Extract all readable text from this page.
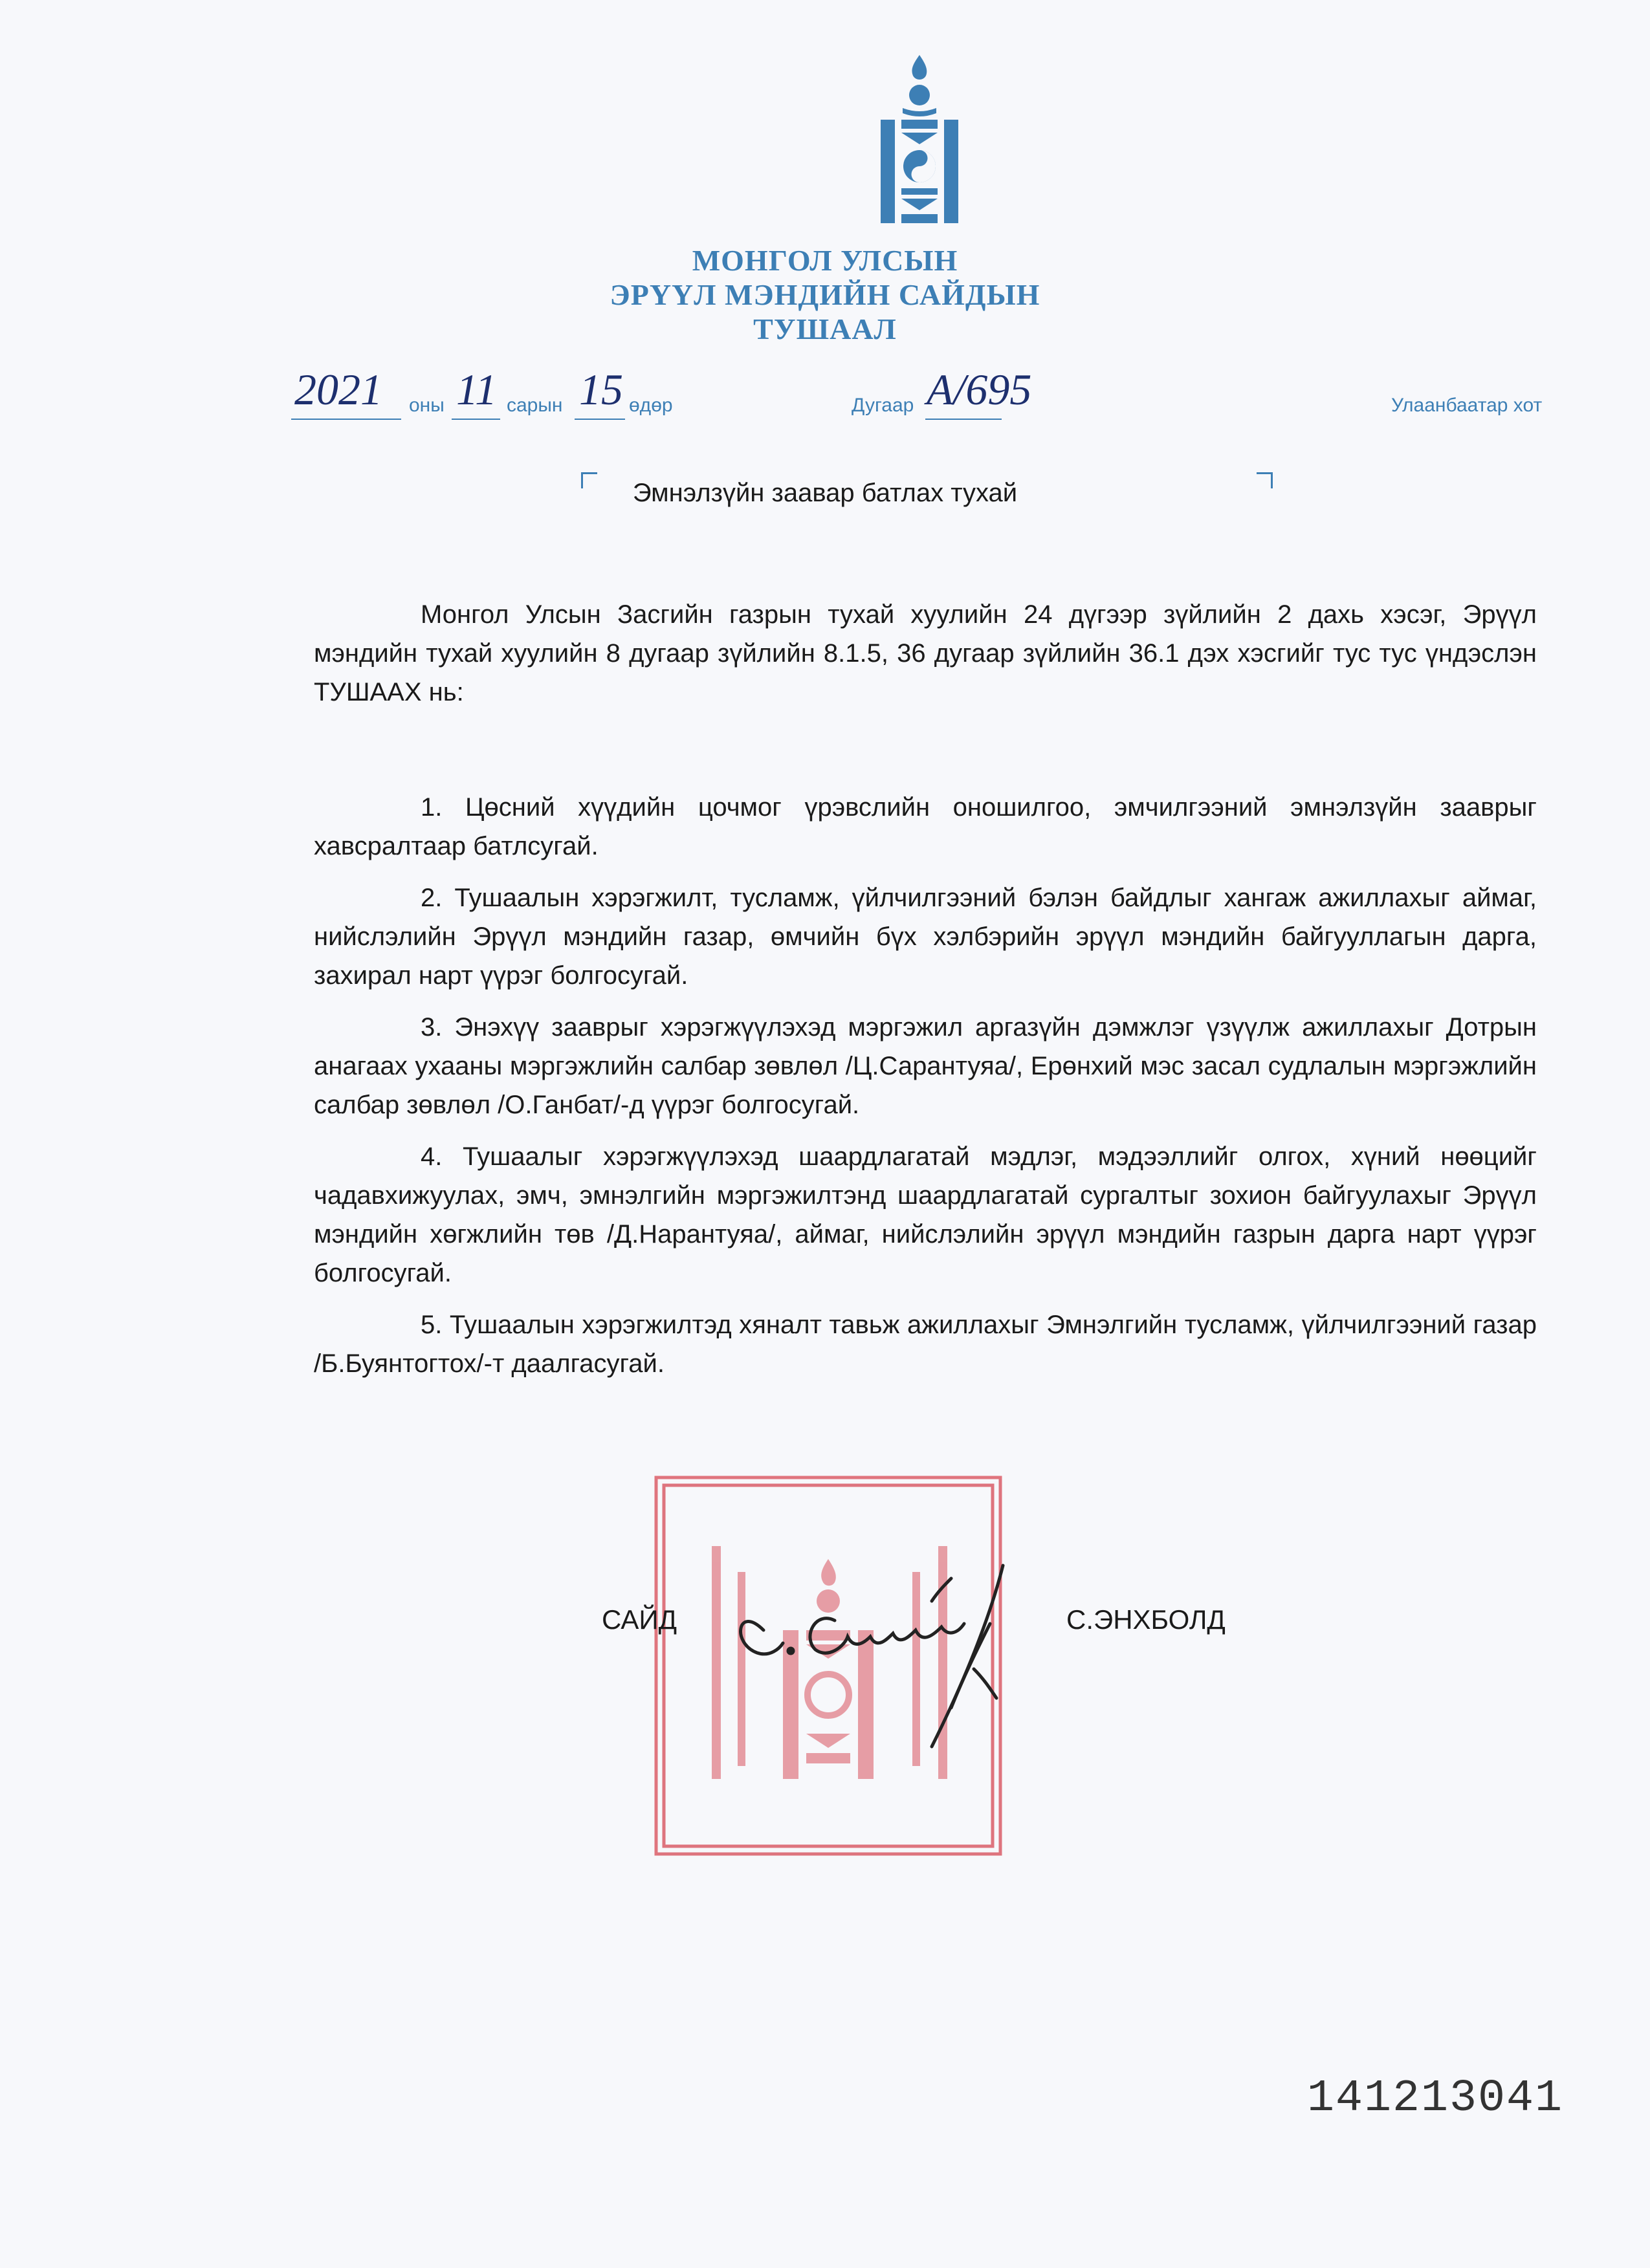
МОНГОЛ УЛСЫН
ЭРҮҮЛ МЭНДИЙН САЙДЫН
ТУШААЛ
2021 оны 11 сарын 15 өдөр	Дугаар А/695	Улаанбаатар хот
Эмнэлзүйн заавар батлах тухай

Монгол Улсын Засгийн газрын тухай хуулийн 24 дүгээр зүйлийн 2 дахь хэсэг, Эрүүл мэндийн тухай хуулийн 8 дугаар зүйлийн 8.1.5, 36 дугаар зүйлийн 36.1 дэх хэсгийг тус тус үндэслэн ТУШААХ нь:

1. Цөсний хүүдийн цочмог үрэвслийн оношилгоо, эмчилгээний эмнэлзүйн зааврыг хавсралтаар батлсугай.

2. Тушаалын хэрэгжилт, тусламж, үйлчилгээний бэлэн байдлыг хангаж ажиллахыг аймаг, нийслэлийн Эрүүл мэндийн газар, өмчийн бүх хэлбэрийн эрүүл мэндийн байгууллагын дарга, захирал нарт үүрэг болгосугай.

3. Энэхүү зааврыг хэрэгжүүлэхэд мэргэжил аргазүйн дэмжлэг үзүүлж ажиллахыг Дотрын анагаах ухааны мэргэжлийн салбар зөвлөл /Ц.Сарантуяа/, Ерөнхий мэс засал судлалын мэргэжлийн салбар зөвлөл /О.Ганбат/-д үүрэг болгосугай.

4. Тушаалыг хэрэгжүүлэхэд шаардлагатай мэдлэг, мэдээллийг олгох, хүний нөөцийг чадавхижуулах, эмч, эмнэлгийн мэргэжилтэнд шаардлагатай сургалтыг зохион байгуулахыг Эрүүл мэндийн хөгжлийн төв /Д.Нарантуяа/, аймаг, нийслэлийн эрүүл мэндийн газрын дарга нарт үүрэг болгосугай.

5. Тушаалын хэрэгжилтэд хяналт тавьж ажиллахыг Эмнэлгийн тусламж, үйлчилгээний газар /Б.Буянтогтох/-т даалгасугай.

С. Энхболд
САЙД	С.ЭНХБОЛД
141213041
